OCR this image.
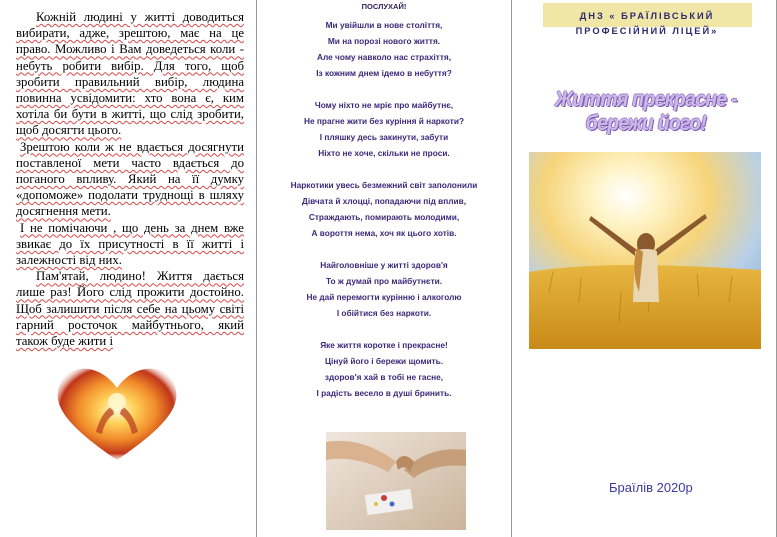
Кожній людині у житті доводиться вибирати, адже, зрештою, має на це право. Можливо і Вам доведеться коли - небуть робити вибір. Для того, щоб зробити правильний вибір, людина повинна усвідомити: хто вона є, ким хотіла би бути в житті, що слід зробити, щоб досягти цього.

Зрештою коли ж не вдається досягнути поставленої мети часто вдається до поганого впливу. Який на її думку «допоможе» подолати труднощі в шляху досягнення мети.

І не помічаючи , що день за днем вже звикає до їх присутності в її житті і залежності від них.

Пам'ятай, людино! Життя дається лише раз! Його слід прожити достойно. Щоб залишити після себе на цьому світі гарний росточок майбутнього, який також буде жити і

ПОСЛУХАЙ!
Ми увійшли в нове століття,
Ми на порозі нового життя.
Але чому навколо нас страхіття,
Із кожним днем ідемо в небуття?
Чому ніхто не мріє про майбутнє,
Не прагне жити без куріння й наркоти?
І пляшку десь закинути, забути
Ніхто не хоче, скільки не проси.
Наркотики увесь безмежний світ заполонили
Дівчата й хлоцці, попадаючи під вплив,
Страждають, помирають молодими,
А вороття нема, хоч як цього хотів.
Найголовніше у житті здоров'я
То ж думай про майбутнєти.
Не дай перемогти курінню і алкоголю
І обійтися без наркоти.
Яке життя коротке і прекрасне!
Цінуй його і бережи щомить.
здоров'я хай в тобі не гасне,
І радість весело в душі бринить.
ДНЗ « БРАЇЛІВСЬКИЙ
ПРОФЕСІЙНИЙ ЛІЦЕЙ»
Життя прекрасне - бережи його!
Браїлів 2020р
